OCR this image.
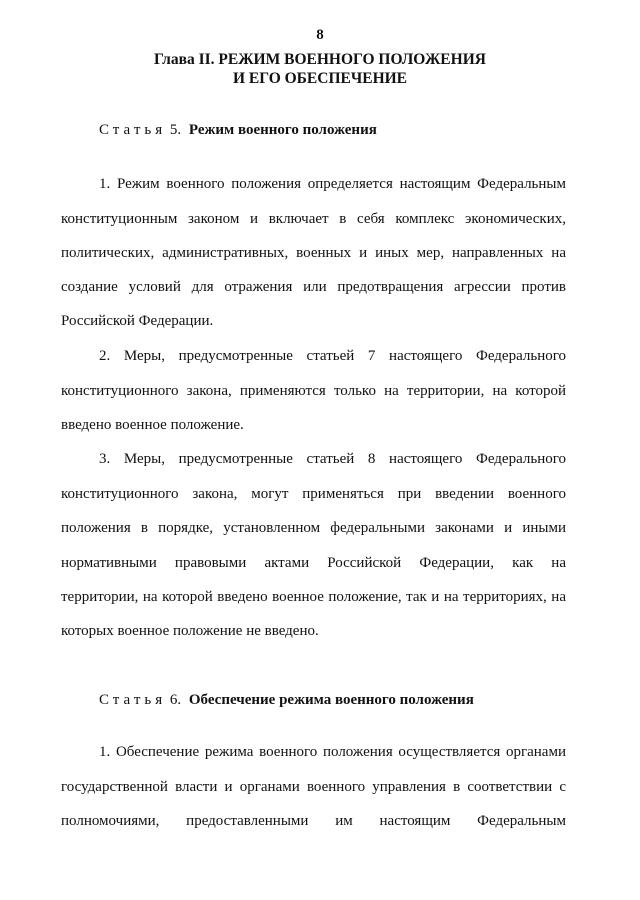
8
Глава II. РЕЖИМ ВОЕННОГО ПОЛОЖЕНИЯ
И ЕГО ОБЕСПЕЧЕНИЕ
Статья 5. Режим военного положения
1. Режим военного положения определяется настоящим Федеральным
конституционным законом и включает в себя комплекс экономических,
политических, административных, военных и иных мер, направленных на
создание условий для отражения или предотвращения агрессии против
Российской Федерации.
2. Меры, предусмотренные статьей 7 настоящего Федерального
конституционного закона, применяются только на территории, на которой
введено военное положение.
3. Меры, предусмотренные статьей 8 настоящего Федерального
конституционного закона, могут применяться при введении военного
положения в порядке, установленном федеральными законами и иными
нормативными правовыми актами Российской Федерации, как на
территории, на которой введено военное положение, так и на территориях, на
которых военное положение не введено.
Статья 6. Обеспечение режима военного положения
1. Обеспечение режима военного положения осуществляется органами
государственной власти и органами военного управления в соответствии с
полномочиями, предоставленными им настоящим Федеральным
